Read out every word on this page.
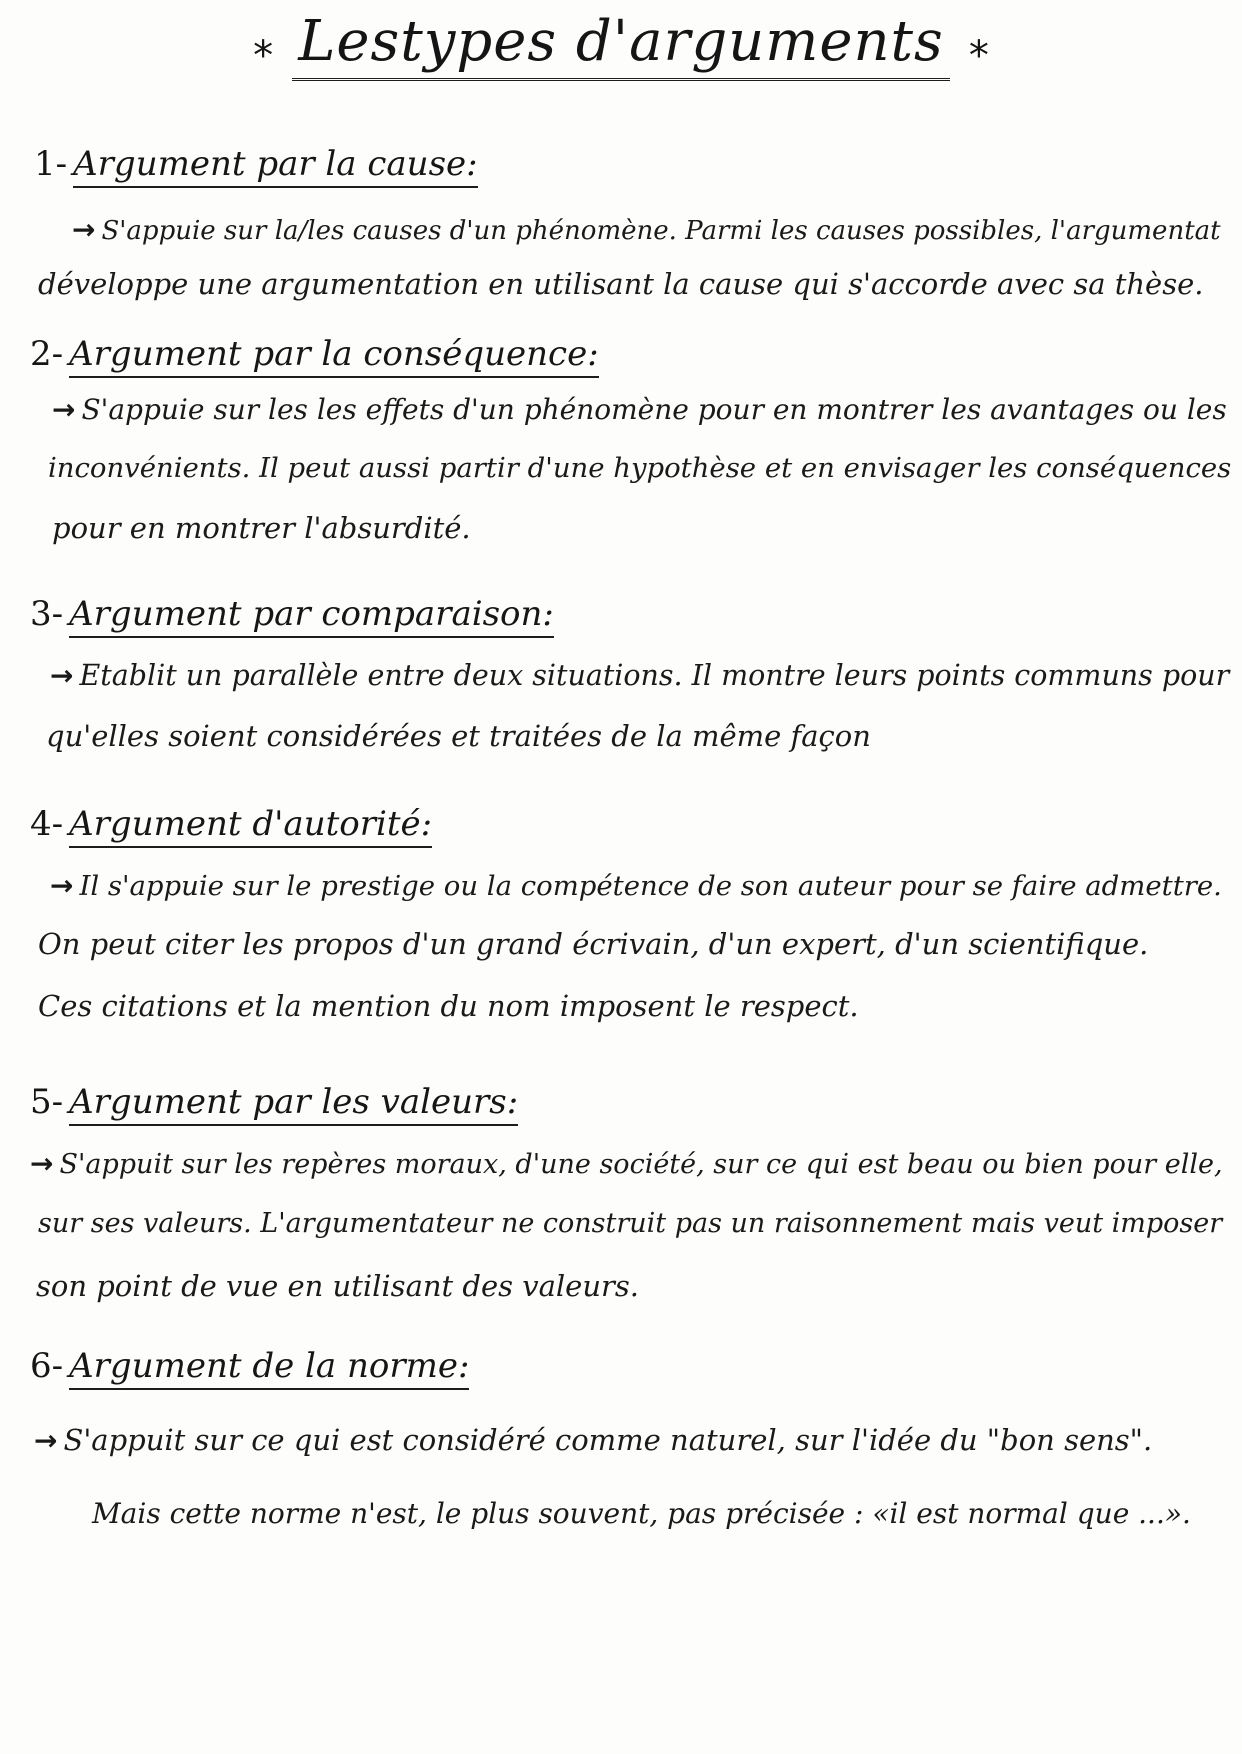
* Lestypes d'arguments *
1- Argument par la cause:
→ S'appuie sur la/les causes d'un phénomène. Parmi les causes possibles, l'argumentat
développe une argumentation en utilisant la cause qui s'accorde avec sa thèse.
2- Argument par la conséquence:
→ S'appuie sur les les effets d'un phénomène pour en montrer les avantages ou les
inconvénients. Il peut aussi partir d'une hypothèse et en envisager les conséquences
pour en montrer l'absurdité.
3- Argument par comparaison:
→ Etablit un parallèle entre deux situations. Il montre leurs points communs pour
qu'elles soient considérées et traitées de la même façon
4- Argument d'autorité:
→ Il s'appuie sur le prestige ou la compétence de son auteur pour se faire admettre.
On peut citer les propos d'un grand écrivain, d'un expert, d'un scientifique.
Ces citations et la mention du nom imposent le respect.
5- Argument par les valeurs:
→ S'appuit sur les repères moraux, d'une société, sur ce qui est beau ou bien pour elle,
sur ses valeurs. L'argumentateur ne construit pas un raisonnement mais veut imposer
son point de vue en utilisant des valeurs.
6- Argument de la norme:
→ S'appuit sur ce qui est considéré comme naturel, sur l'idée du "bon sens".
Mais cette norme n'est, le plus souvent, pas précisée : «il est normal que ...».
